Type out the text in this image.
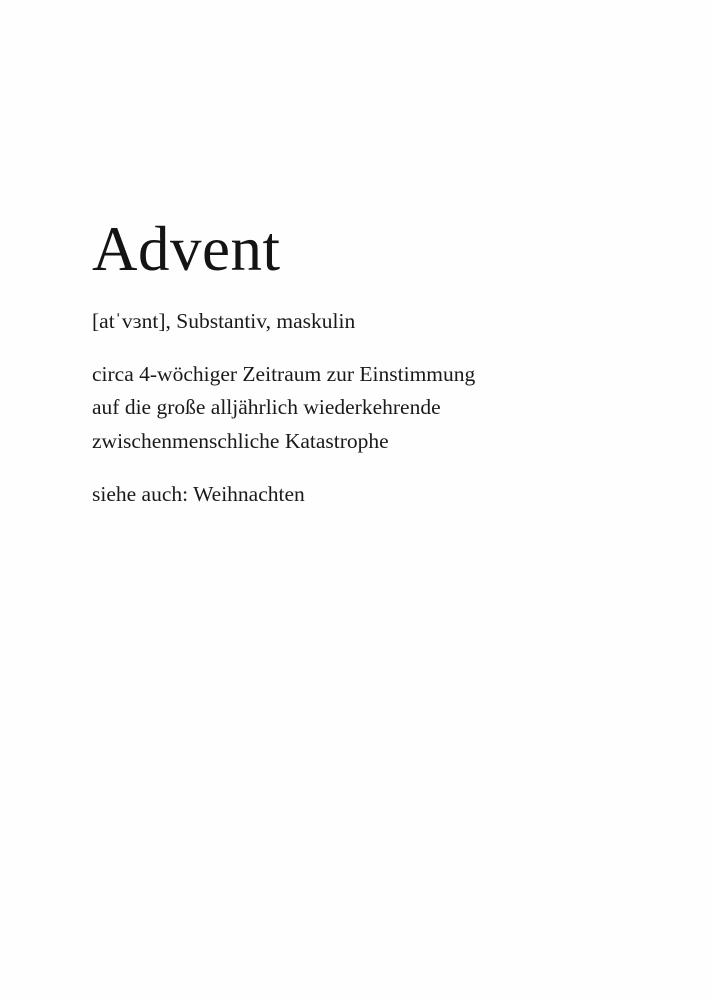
Advent

[atˈvɜnt], Substantiv, maskulin

circa 4-wöchiger Zeitraum zur Einstimmung
auf die große alljährlich wiederkehrende
zwischenmenschliche Katastrophe

siehe auch: Weihnachten
